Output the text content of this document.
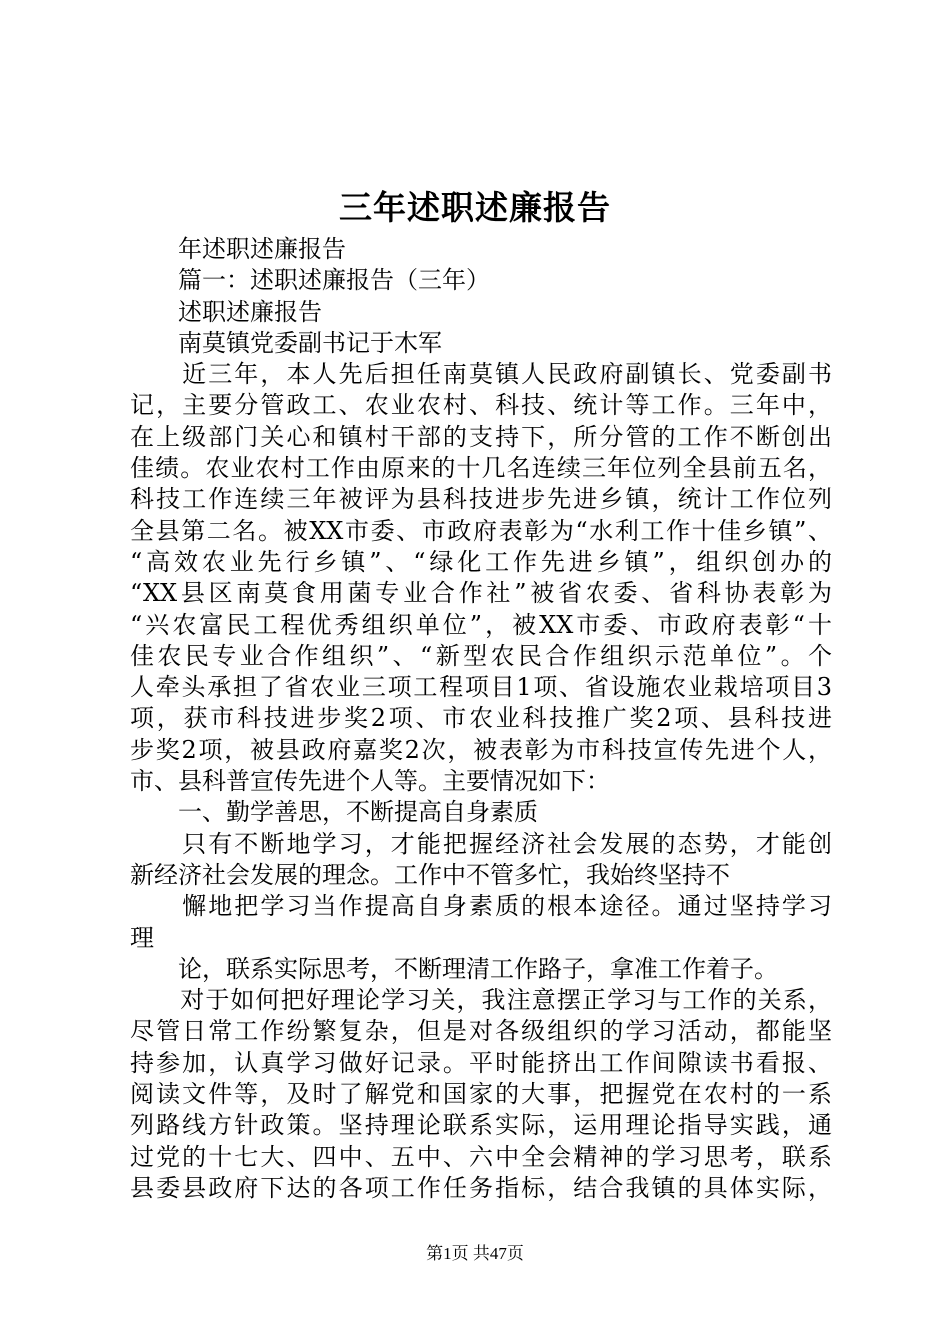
三年述职述廉报告
　　年述职述廉报告
　　篇一：述职述廉报告（三年）
　　述职述廉报告
　　南莫镇党委副书记于木军
　　近三年，本人先后担任南莫镇人民政府副镇长、党委副书
记，主要分管政工、农业农村、科技、统计等工作。三年中，
在上级部门关心和镇村干部的支持下，所分管的工作不断创出
佳绩。农业农村工作由原来的十几名连续三年位列全县前五名，
科技工作连续三年被评为县科技进步先进乡镇，统计工作位列
全县第二名。被XX市委、市政府表彰为“水利工作十佳乡镇”、
“高效农业先行乡镇”、“绿化工作先进乡镇”，组织创办的
“XX县区南莫食用菌专业合作社”被省农委、省科协表彰为
“兴农富民工程优秀组织单位”，被XX市委、市政府表彰“十
佳农民专业合作组织”、“新型农民合作组织示范单位”。个
人牵头承担了省农业三项工程项目1项、省设施农业栽培项目3
项，获市科技进步奖2项、市农业科技推广奖2项、县科技进
步奖2项，被县政府嘉奖2次，被表彰为市科技宣传先进个人，
市、县科普宣传先进个人等。主要情况如下：
　　一、勤学善思，不断提高自身素质
　　只有不断地学习，才能把握经济社会发展的态势，才能创
新经济社会发展的理念。工作中不管多忙，我始终坚持不
　　懈地把学习当作提高自身素质的根本途径。通过坚持学习
理
　　论，联系实际思考，不断理清工作路子，拿准工作着子。
　　对于如何把好理论学习关，我注意摆正学习与工作的关系，
尽管日常工作纷繁复杂，但是对各级组织的学习活动，都能坚
持参加，认真学习做好记录。平时能挤出工作间隙读书看报、
阅读文件等，及时了解党和国家的大事，把握党在农村的一系
列路线方针政策。坚持理论联系实际，运用理论指导实践，通
过党的十七大、四中、五中、六中全会精神的学习思考，联系
县委县政府下达的各项工作任务指标，结合我镇的具体实际，
第1页 共47页
